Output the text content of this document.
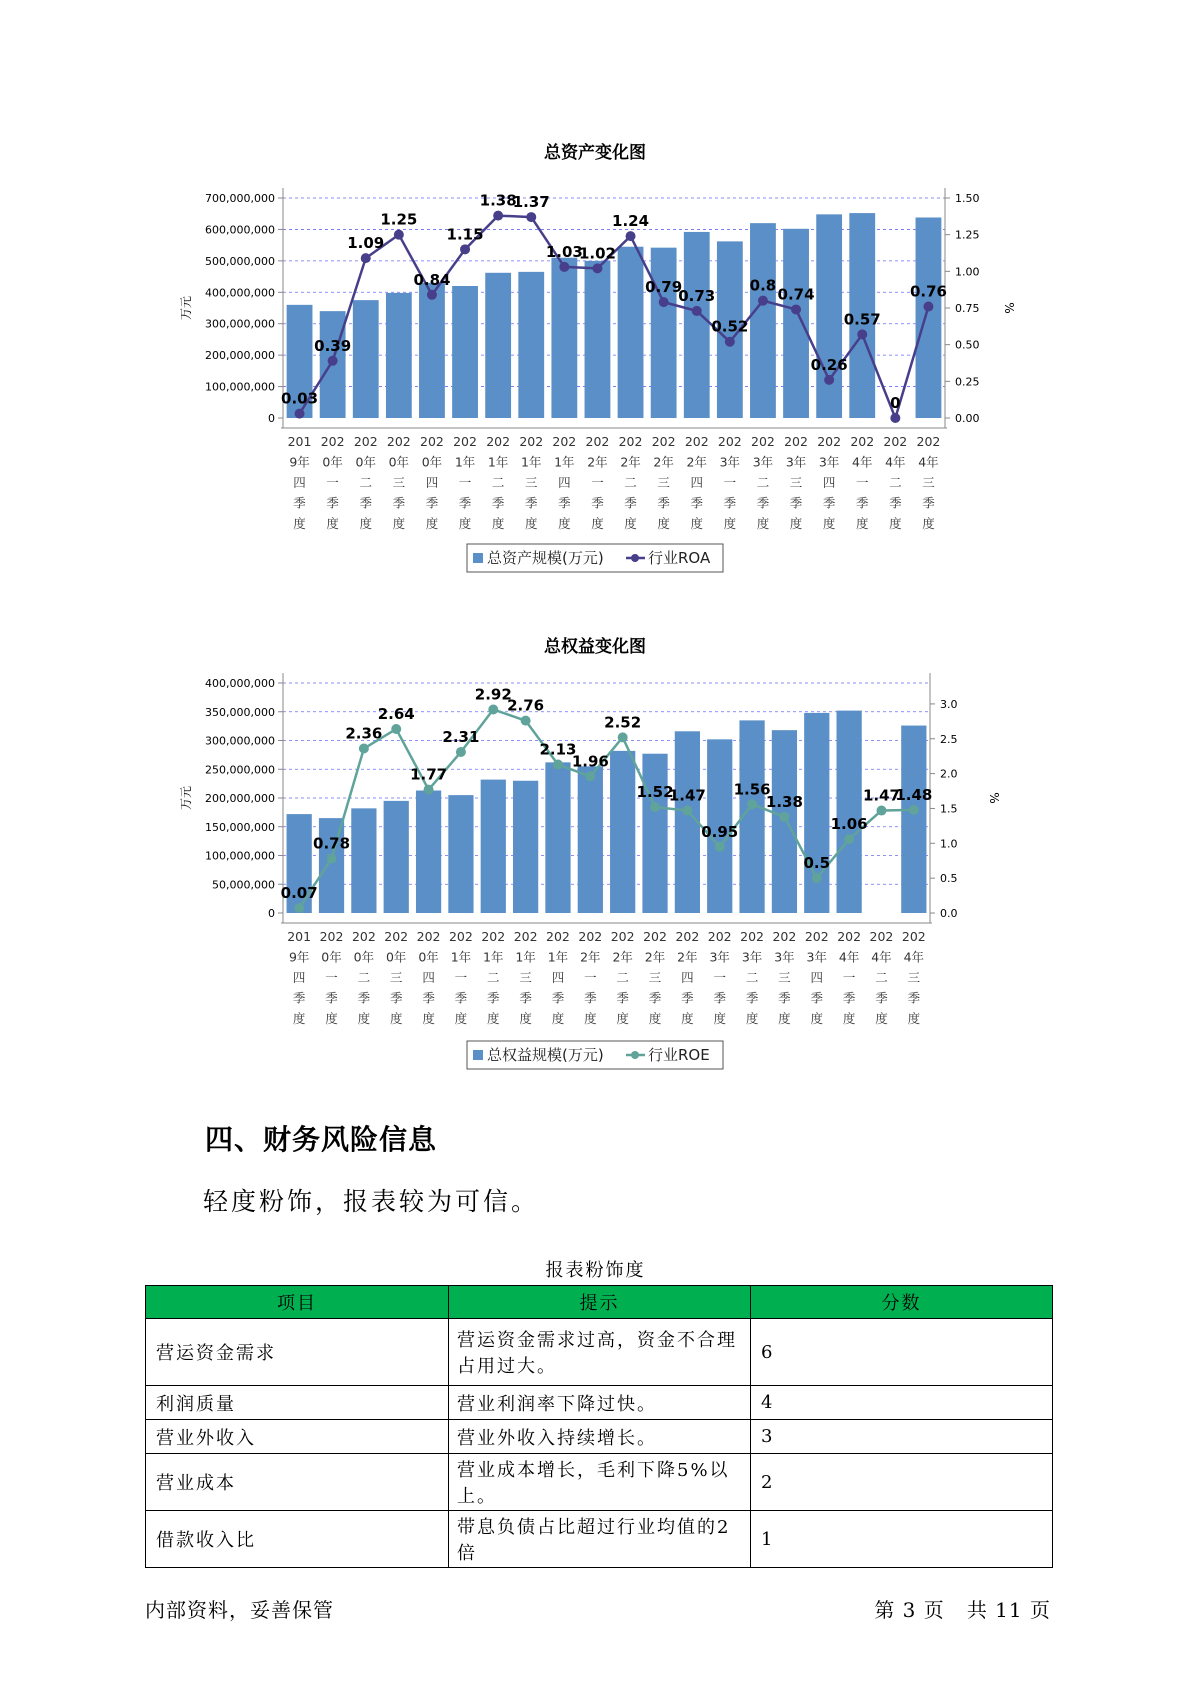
总资产变化图
0
100,000,000
200,000,000
300,000,000
400,000,000
500,000,000
600,000,000
700,000,000
0.00
0.25
0.50
0.75
1.00
1.25
1.50
万元	%
0.03
0.39
1.09
1.25
0.84
1.15
1.38
1.37
1.03
1.02
1.24
0.79
0.73
0.52
0.8 0.74
0.26
0.57
0
0.76
201
9年
四
季
度
202
0年
一
季
度
202
0年
二
季
度
202
0年
三
季
度
202
0年
四
季
度
202
1年
一
季
度
202
1年
二
季
度
202
1年
三
季
度
202
1年
四
季
度
202
2年
一
季
度
202
2年
二
季
度
202
2年
三
季
度
202
2年
四
季
度
202
3年
一
季
度
202
3年
二
季
度
202
3年
三
季
度
202
3年
四
季
度
202
4年
一
季
度
202
4年
二
季
度
202
4年
三
季
度
总资产规模(万元)	行业ROA
总权益变化图
0
50,000,000
100,000,000
150,000,000
200,000,000
250,000,000
300,000,000
350,000,000
400,000,000
0.0
0.5
1.0
1.5
2.0
2.5
3.0
万元	%
0.07
0.78
2.36
2.64
1.77
2.31
2.92
2.76
2.13
1.96
2.52
1.52
1.47
0.95
1.56
1.38
0.5
1.06
1.47
1.48
201
9年
四
季
度
202
0年
一
季
度
202
0年
二
季
度
202
0年
三
季
度
202
0年
四
季
度
202
1年
一
季
度
202
1年
二
季
度
202
1年
三
季
度
202
1年
四
季
度
202
2年
一
季
度
202
2年
二
季
度
202
2年
三
季
度
202
2年
四
季
度
202
3年
一
季
度
202
3年
二
季
度
202
3年
三
季
度
202
3年
四
季
度
202
4年
一
季
度
202
4年
二
季
度
202
4年
三
季
度
总权益规模(万元)	行业ROE
四、财务风险信息

轻度粉饰，报表较为可信。

报表粉饰度
项目	提示	分数
营运资金需求	营运资金需求过高，资金不合理占用过大。	6
利润质量	营业利润率下降过快。	4
营业外收入	营业外收入持续增长。	3
营业成本	营业成本增长，毛利下降5%以上。	2
借款收入比	带息负债占比超过行业均值的2倍	1
内部资料，妥善保管	第 3 页   共 11 页
